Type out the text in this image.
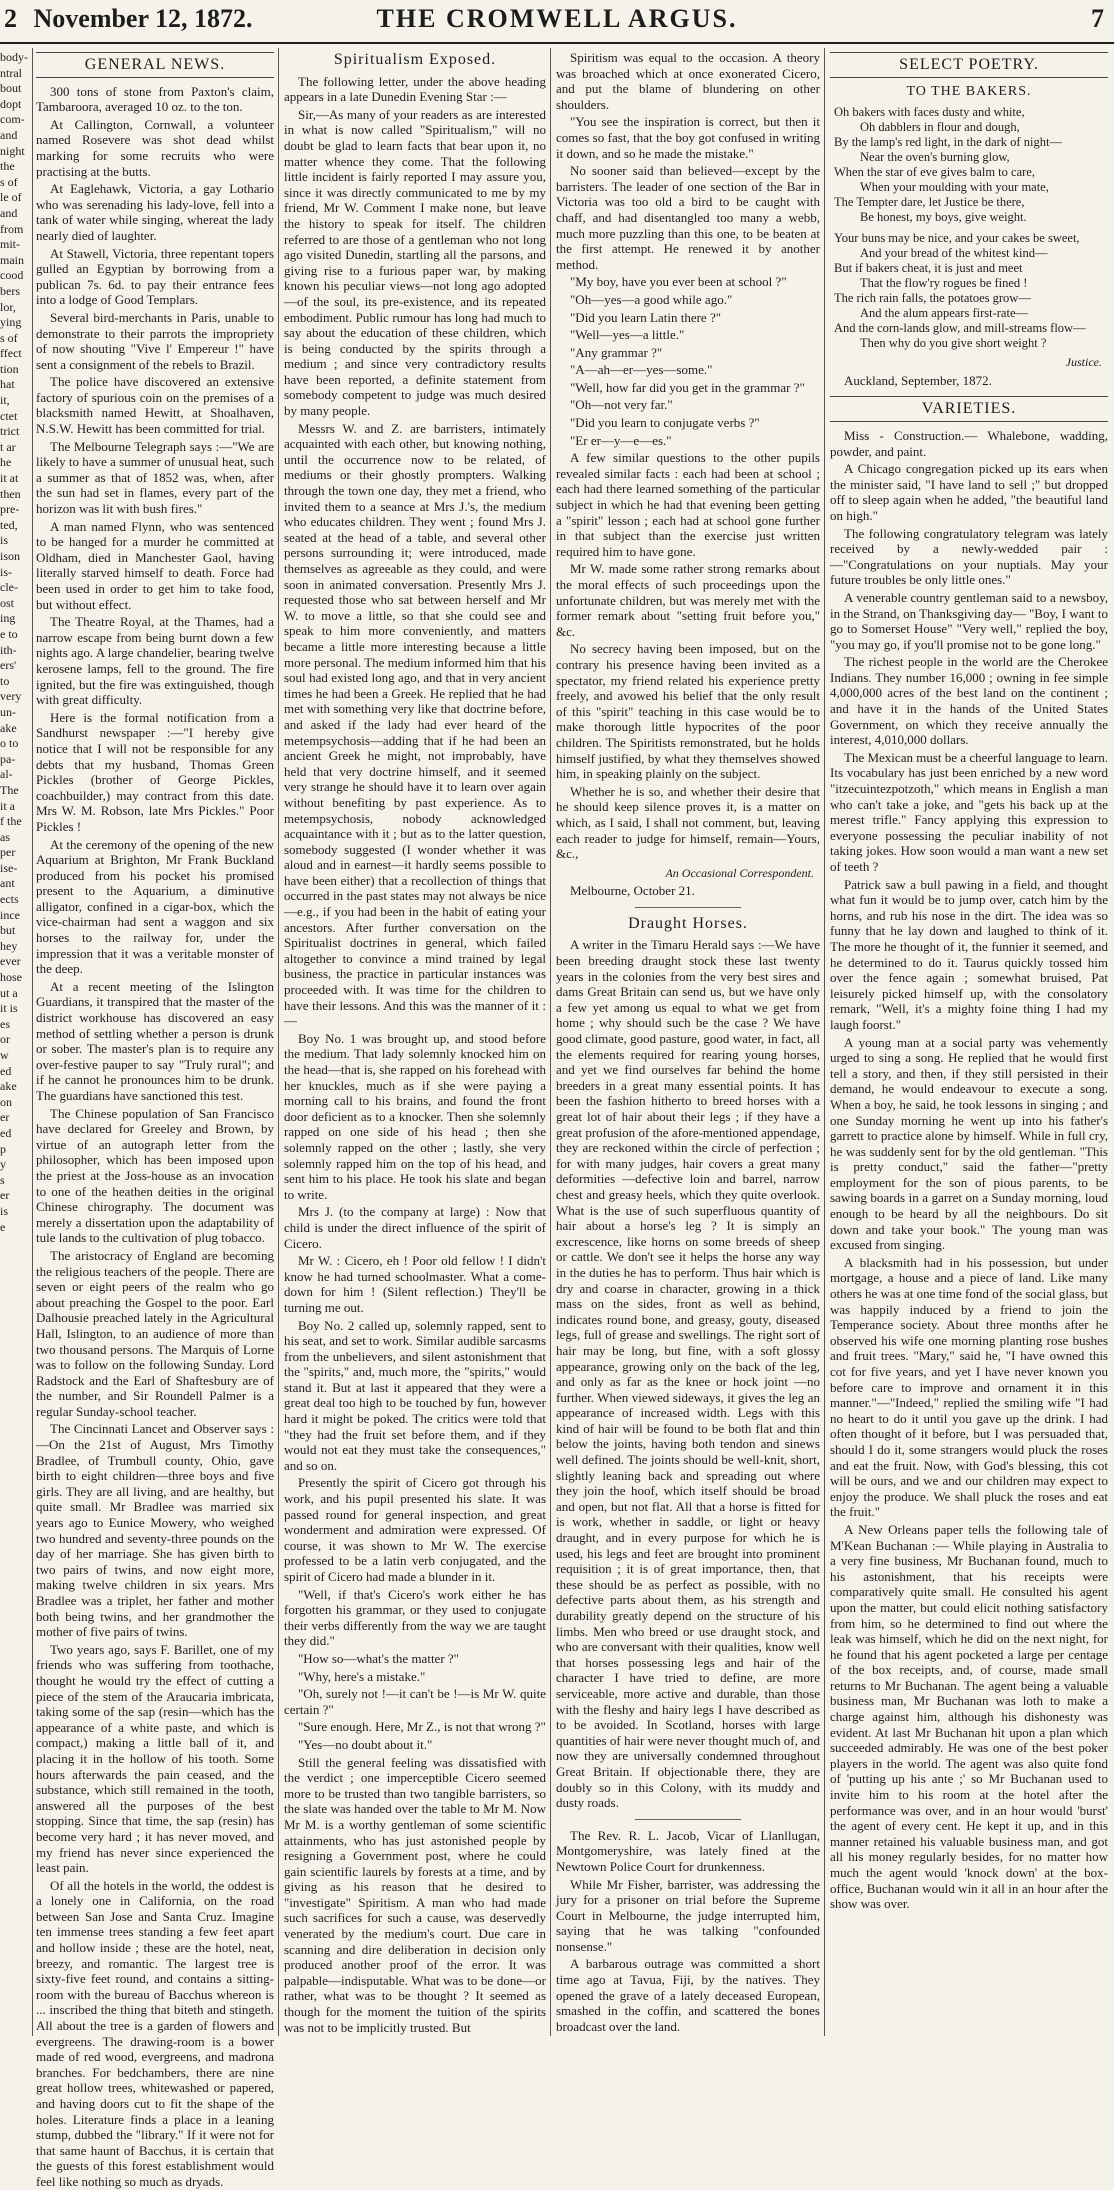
2 November 12, 1872.	THE CROMWELL ARGUS.	7
body-
ntral
bout
dopt
com-
and
night
the
s of
le of
and
from
mit-
main
cood
bers
lor,
ying
s of
ffect
tion
hat
it,
ctet
trict
t ar
he
it at
then
pre-
ted,
is
ison
is-
cle-
ost
ing
e to
ith-
ers'
to
very
un-
ake
o to
pa-
al-
The
it a
f the
as
per
ise-
ant
ects
ince
but
hey
ever
hose
ut a
it is
es
or
w
ed
ake
on
er
ed
p
y
s
er
is
e
GENERAL NEWS.

300 tons of stone from Paxton's claim, Tambaroora, averaged 10 oz. to the ton.

At Callington, Cornwall, a volunteer named Rosevere was shot dead whilst marking for some recruits who were practising at the butts.

At Eaglehawk, Victoria, a gay Lothario who was serenading his lady-love, fell into a tank of water while singing, whereat the lady nearly died of laughter.

At Stawell, Victoria, three repentant topers gulled an Egyptian by borrowing from a publican 7s. 6d. to pay their entrance fees into a lodge of Good Templars.

Several bird-merchants in Paris, unable to demonstrate to their parrots the impropriety of now shouting "Vive l' Empereur !" have sent a consignment of the rebels to Brazil.

The police have discovered an extensive factory of spurious coin on the premises of a blacksmith named Hewitt, at Shoalhaven, N.S.W. Hewitt has been committed for trial.

The Melbourne Telegraph says :—"We are likely to have a summer of unusual heat, such a summer as that of 1852 was, when, after the sun had set in flames, every part of the horizon was lit with bush fires."

A man named Flynn, who was sentenced to be hanged for a murder he committed at Oldham, died in Manchester Gaol, having literally starved himself to death. Force had been used in order to get him to take food, but without effect.

The Theatre Royal, at the Thames, had a narrow escape from being burnt down a few nights ago. A large chandelier, bearing twelve kerosene lamps, fell to the ground. The fire ignited, but the fire was extinguished, though with great difficulty.

Here is the formal notification from a Sandhurst newspaper :—"I hereby give notice that I will not be responsible for any debts that my husband, Thomas Green Pickles (brother of George Pickles, coachbuilder,) may contract from this date. Mrs W. M. Robson, late Mrs Pickles." Poor Pickles !

At the ceremony of the opening of the new Aquarium at Brighton, Mr Frank Buckland produced from his pocket his promised present to the Aquarium, a diminutive alligator, confined in a cigar-box, which the vice-chairman had sent a waggon and six horses to the railway for, under the impression that it was a veritable monster of the deep.

At a recent meeting of the Islington Guardians, it transpired that the master of the district workhouse has discovered an easy method of settling whether a person is drunk or sober. The master's plan is to require any over-festive pauper to say "Truly rural"; and if he cannot he pronounces him to be drunk. The guardians have sanctioned this test.

The Chinese population of San Francisco have declared for Greeley and Brown, by virtue of an autograph letter from the philosopher, which has been imposed upon the priest at the Joss-house as an invocation to one of the heathen deities in the original Chinese chirography. The document was merely a dissertation upon the adaptability of tule lands to the cultivation of plug tobacco.

The aristocracy of England are becoming the religious teachers of the people. There are seven or eight peers of the realm who go about preaching the Gospel to the poor. Earl Dalhousie preached lately in the Agricultural Hall, Islington, to an audience of more than two thousand persons. The Marquis of Lorne was to follow on the following Sunday. Lord Radstock and the Earl of Shaftesbury are of the number, and Sir Roundell Palmer is a regular Sunday-school teacher.

The Cincinnati Lancet and Observer says :—On the 21st of August, Mrs Timothy Bradlee, of Trumbull county, Ohio, gave birth to eight children—three boys and five girls. They are all living, and are healthy, but quite small. Mr Bradlee was married six years ago to Eunice Mowery, who weighed two hundred and seventy-three pounds on the day of her marriage. She has given birth to two pairs of twins, and now eight more, making twelve children in six years. Mrs Bradlee was a triplet, her father and mother both being twins, and her grandmother the mother of five pairs of twins.

Two years ago, says F. Barillet, one of my friends who was suffering from toothache, thought he would try the effect of cutting a piece of the stem of the Araucaria imbricata, taking some of the sap (resin—which has the appearance of a white paste, and which is compact,) making a little ball of it, and placing it in the hollow of his tooth. Some hours afterwards the pain ceased, and the substance, which still remained in the tooth, answered all the purposes of the best stopping. Since that time, the sap (resin) has become very hard ; it has never moved, and my friend has never since experienced the least pain.

Of all the hotels in the world, the oddest is a lonely one in California, on the road between San Jose and Santa Cruz. Imagine ten immense trees standing a few feet apart and hollow inside ; these are the hotel, neat, breezy, and romantic. The largest tree is sixty-five feet round, and contains a sitting-room with the bureau of Bacchus whereon is ... inscribed the thing that biteth and stingeth. All about the tree is a garden of flowers and evergreens. The drawing-room is a bower made of red wood, evergreens, and madrona branches. For bedchambers, there are nine great hollow trees, whitewashed or papered, and having doors cut to fit the shape of the holes. Literature finds a place in a leaning stump, dubbed the "library." If it were not for that same haunt of Bacchus, it is certain that the guests of this forest establishment would feel like nothing so much as dryads.

Spiritualism Exposed.

The following letter, under the above heading appears in a late Dunedin Evening Star :—

Sir,—As many of your readers as are interested in what is now called "Spiritualism," will no doubt be glad to learn facts that bear upon it, no matter whence they come. That the following little incident is fairly reported I may assure you, since it was directly communicated to me by my friend, Mr W. Comment I make none, but leave the history to speak for itself. The children referred to are those of a gentleman who not long ago visited Dunedin, startling all the parsons, and giving rise to a furious paper war, by making known his peculiar views—not long ago adopted—of the soul, its pre-existence, and its repeated embodiment. Public rumour has long had much to say about the education of these children, which is being conducted by the spirits through a medium ; and since very contradictory results have been reported, a definite statement from somebody competent to judge was much desired by many people.

Messrs W. and Z. are barristers, intimately acquainted with each other, but knowing nothing, until the occurrence now to be related, of mediums or their ghostly prompters. Walking through the town one day, they met a friend, who invited them to a seance at Mrs J.'s, the medium who educates children. They went ; found Mrs J. seated at the head of a table, and several other persons surrounding it; were introduced, made themselves as agreeable as they could, and were soon in animated conversation. Presently Mrs J. requested those who sat between herself and Mr W. to move a little, so that she could see and speak to him more conveniently, and matters became a little more interesting because a little more personal. The medium informed him that his soul had existed long ago, and that in very ancient times he had been a Greek. He replied that he had met with something very like that doctrine before, and asked if the lady had ever heard of the metempsychosis—adding that if he had been an ancient Greek he might, not improbably, have held that very doctrine himself, and it seemed very strange he should have it to learn over again without benefiting by past experience. As to metempsychosis, nobody acknowledged acquaintance with it ; but as to the latter question, somebody suggested (I wonder whether it was aloud and in earnest—it hardly seems possible to have been either) that a recollection of things that occurred in the past states may not always be nice—e.g., if you had been in the habit of eating your ancestors. After further conversation on the Spiritualist doctrines in general, which failed altogether to convince a mind trained by legal business, the practice in particular instances was proceeded with. It was time for the children to have their lessons. And this was the manner of it :—

Boy No. 1 was brought up, and stood before the medium. That lady solemnly knocked him on the head—that is, she rapped on his forehead with her knuckles, much as if she were paying a morning call to his brains, and found the front door deficient as to a knocker. Then she solemnly rapped on one side of his head ; then she solemnly rapped on the other ; lastly, she very solemnly rapped him on the top of his head, and sent him to his place. He took his slate and began to write.

Mrs J. (to the company at large) : Now that child is under the direct influence of the spirit of Cicero.

Mr W. : Cicero, eh ! Poor old fellow ! I didn't know he had turned schoolmaster. What a come-down for him ! (Silent reflection.) They'll be turning me out.

Boy No. 2 called up, solemnly rapped, sent to his seat, and set to work. Similar audible sarcasms from the unbelievers, and silent astonishment that the "spirits," and, much more, the "spirits," would stand it. But at last it appeared that they were a great deal too high to be touched by fun, however hard it might be poked. The critics were told that "they had the fruit set before them, and if they would not eat they must take the consequences," and so on.

Presently the spirit of Cicero got through his work, and his pupil presented his slate. It was passed round for general inspection, and great wonderment and admiration were expressed. Of course, it was shown to Mr W. The exercise professed to be a latin verb conjugated, and the spirit of Cicero had made a blunder in it.

"Well, if that's Cicero's work either he has forgotten his grammar, or they used to conjugate their verbs differently from the way we are taught they did."

"How so—what's the matter ?"

"Why, here's a mistake."

"Oh, surely not !—it can't be !—is Mr W. quite certain ?"

"Sure enough. Here, Mr Z., is not that wrong ?"

"Yes—no doubt about it."

Still the general feeling was dissatisfied with the verdict ; one imperceptible Cicero seemed more to be trusted than two tangible barristers, so the slate was handed over the table to Mr M. Now Mr M. is a worthy gentleman of some scientific attainments, who has just astonished people by resigning a Government post, where he could gain scientific laurels by forests at a time, and by giving as his reason that he desired to "investigate" Spiritism. A man who had made such sacrifices for such a cause, was deservedly venerated by the medium's court. Due care in scanning and dire deliberation in decision only produced another proof of the error. It was palpable—indisputable. What was to be done—or rather, what was to be thought ? It seemed as though for the moment the tuition of the spirits was not to be implicitly trusted. But

Spiritism was equal to the occasion. A theory was broached which at once exonerated Cicero, and put the blame of blundering on other shoulders.

"You see the inspiration is correct, but then it comes so fast, that the boy got confused in writing it down, and so he made the mistake."

No sooner said than believed—except by the barristers. The leader of one section of the Bar in Victoria was too old a bird to be caught with chaff, and had disentangled too many a webb, much more puzzling than this one, to be beaten at the first attempt. He renewed it by another method.

"My boy, have you ever been at school ?"

"Oh—yes—a good while ago."

"Did you learn Latin there ?"

"Well—yes—a little."

"Any grammar ?"

"A—ah—er—yes—some."

"Well, how far did you get in the grammar ?"

"Oh—not very far."

"Did you learn to conjugate verbs ?"

"Er er—y—e—es."

A few similar questions to the other pupils revealed similar facts : each had been at school ; each had there learned something of the particular subject in which he had that evening been getting a "spirit" lesson ; each had at school gone further in that subject than the exercise just written required him to have gone.

Mr W. made some rather strong remarks about the moral effects of such proceedings upon the unfortunate children, but was merely met with the former remark about "setting fruit before you," &c.

No secrecy having been imposed, but on the contrary his presence having been invited as a spectator, my friend related his experience pretty freely, and avowed his belief that the only result of this "spirit" teaching in this case would be to make thorough little hypocrites of the poor children. The Spiritists remonstrated, but he holds himself justified, by what they themselves showed him, in speaking plainly on the subject.

Whether he is so, and whether their desire that he should keep silence proves it, is a matter on which, as I said, I shall not comment, but, leaving each reader to judge for himself, remain—Yours, &c.,

An Occasional Correspondent.

Melbourne, October 21.

Draught Horses.

A writer in the Timaru Herald says :—We have been breeding draught stock these last twenty years in the colonies from the very best sires and dams Great Britain can send us, but we have only a few yet among us equal to what we get from home ; why should such be the case ? We have good climate, good pasture, good water, in fact, all the elements required for rearing young horses, and yet we find ourselves far behind the home breeders in a great many essential points. It has been the fashion hitherto to breed horses with a great lot of hair about their legs ; if they have a great profusion of the afore-mentioned appendage, they are reckoned within the circle of perfection ; for with many judges, hair covers a great many deformities —defective loin and barrel, narrow chest and greasy heels, which they quite overlook. What is the use of such superfluous quantity of hair about a horse's leg ? It is simply an excrescence, like horns on some breeds of sheep or cattle. We don't see it helps the horse any way in the duties he has to perform. Thus hair which is dry and coarse in character, growing in a thick mass on the sides, front as well as behind, indicates round bone, and greasy, gouty, diseased legs, full of grease and swellings. The right sort of hair may be long, but fine, with a soft glossy appearance, growing only on the back of the leg, and only as far as the knee or hock joint —no further. When viewed sideways, it gives the leg an appearance of increased width. Legs with this kind of hair will be found to be both flat and thin below the joints, having both tendon and sinews well defined. The joints should be well-knit, short, slightly leaning back and spreading out where they join the hoof, which itself should be broad and open, but not flat. All that a horse is fitted for is work, whether in saddle, or light or heavy draught, and in every purpose for which he is used, his legs and feet are brought into prominent requisition ; it is of great importance, then, that these should be as perfect as possible, with no defective parts about them, as his strength and durability greatly depend on the structure of his limbs. Men who breed or use draught stock, and who are conversant with their qualities, know well that horses possessing legs and hair of the character I have tried to define, are more serviceable, more active and durable, than those with the fleshy and hairy legs I have described as to be avoided. In Scotland, horses with large quantities of hair were never thought much of, and now they are universally condemned throughout Great Britain. If objectionable there, they are doubly so in this Colony, with its muddy and dusty roads.

The Rev. R. L. Jacob, Vicar of Llanllugan, Montgomeryshire, was lately fined at the Newtown Police Court for drunkenness.

While Mr Fisher, barrister, was addressing the jury for a prisoner on trial before the Supreme Court in Melbourne, the judge interrupted him, saying that he was talking "confounded nonsense."

A barbarous outrage was committed a short time ago at Tavua, Fiji, by the natives. They opened the grave of a lately deceased European, smashed in the coffin, and scattered the bones broadcast over the land.

SELECT POETRY.
TO THE BAKERS.
Oh bakers with faces dusty and white,
Oh dabblers in flour and dough,
By the lamp's red light, in the dark of night—
Near the oven's burning glow,
When the star of eve gives balm to care,
When your moulding with your mate,
The Tempter dare, let Justice be there,
Be honest, my boys, give weight.
Your buns may be nice, and your cakes be sweet,
And your bread of the whitest kind—
But if bakers cheat, it is just and meet
That the flow'ry rogues be fined !
The rich rain falls, the potatoes grow—
And the alum appears first-rate—
And the corn-lands glow, and mill-streams flow—
Then why do you give short weight ?
Justice.

Auckland, September, 1872.

VARIETIES.

Miss - Construction.— Whalebone, wadding, powder, and paint.

A Chicago congregation picked up its ears when the minister said, "I have land to sell ;" but dropped off to sleep again when he added, "the beautiful land on high."

The following congratulatory telegram was lately received by a newly-wedded pair :—"Congratulations on your nuptials. May your future troubles be only little ones."

A venerable country gentleman said to a newsboy, in the Strand, on Thanksgiving day— "Boy, I want to go to Somerset House" "Very well," replied the boy, "you may go, if you'll promise not to be gone long."

The richest people in the world are the Cherokee Indians. They number 16,000 ; owning in fee simple 4,000,000 acres of the best land on the continent ; and have it in the hands of the United States Government, on which they receive annually the interest, 4,010,000 dollars.

The Mexican must be a cheerful language to learn. Its vocabulary has just been enriched by a new word "itzecuintezpotzoth," which means in English a man who can't take a joke, and "gets his back up at the merest trifle." Fancy applying this expression to everyone possessing the peculiar inability of not taking jokes. How soon would a man want a new set of teeth ?

Patrick saw a bull pawing in a field, and thought what fun it would be to jump over, catch him by the horns, and rub his nose in the dirt. The idea was so funny that he lay down and laughed to think of it. The more he thought of it, the funnier it seemed, and he determined to do it. Taurus quickly tossed him over the fence again ; somewhat bruised, Pat leisurely picked himself up, with the consolatory remark, "Well, it's a mighty foine thing I had my laugh foorst."

A young man at a social party was vehemently urged to sing a song. He replied that he would first tell a story, and then, if they still persisted in their demand, he would endeavour to execute a song. When a boy, he said, he took lessons in singing ; and one Sunday morning he went up into his father's garrett to practice alone by himself. While in full cry, he was suddenly sent for by the old gentleman. "This is pretty conduct," said the father—"pretty employment for the son of pious parents, to be sawing boards in a garret on a Sunday morning, loud enough to be heard by all the neighbours. Do sit down and take your book." The young man was excused from singing.

A blacksmith had in his possession, but under mortgage, a house and a piece of land. Like many others he was at one time fond of the social glass, but was happily induced by a friend to join the Temperance society. About three months after he observed his wife one morning planting rose bushes and fruit trees. "Mary," said he, "I have owned this cot for five years, and yet I have never known you before care to improve and ornament it in this manner."—"Indeed," replied the smiling wife "I had no heart to do it until you gave up the drink. I had often thought of it before, but I was persuaded that, should I do it, some strangers would pluck the roses and eat the fruit. Now, with God's blessing, this cot will be ours, and we and our children may expect to enjoy the produce. We shall pluck the roses and eat the fruit."

A New Orleans paper tells the following tale of M'Kean Buchanan :— While playing in Australia to a very fine business, Mr Buchanan found, much to his astonishment, that his receipts were comparatively quite small. He consulted his agent upon the matter, but could elicit nothing satisfactory from him, so he determined to find out where the leak was himself, which he did on the next night, for he found that his agent pocketed a large per centage of the box receipts, and, of course, made small returns to Mr Buchanan. The agent being a valuable business man, Mr Buchanan was loth to make a charge against him, although his dishonesty was evident. At last Mr Buchanan hit upon a plan which succeeded admirably. He was one of the best poker players in the world. The agent was also quite fond of 'putting up his ante ;' so Mr Buchanan used to invite him to his room at the hotel after the performance was over, and in an hour would 'burst' the agent of every cent. He kept it up, and in this manner retained his valuable business man, and got all his money regularly besides, for no matter how much the agent would 'knock down' at the box-office, Buchanan would win it all in an hour after the show was over.
